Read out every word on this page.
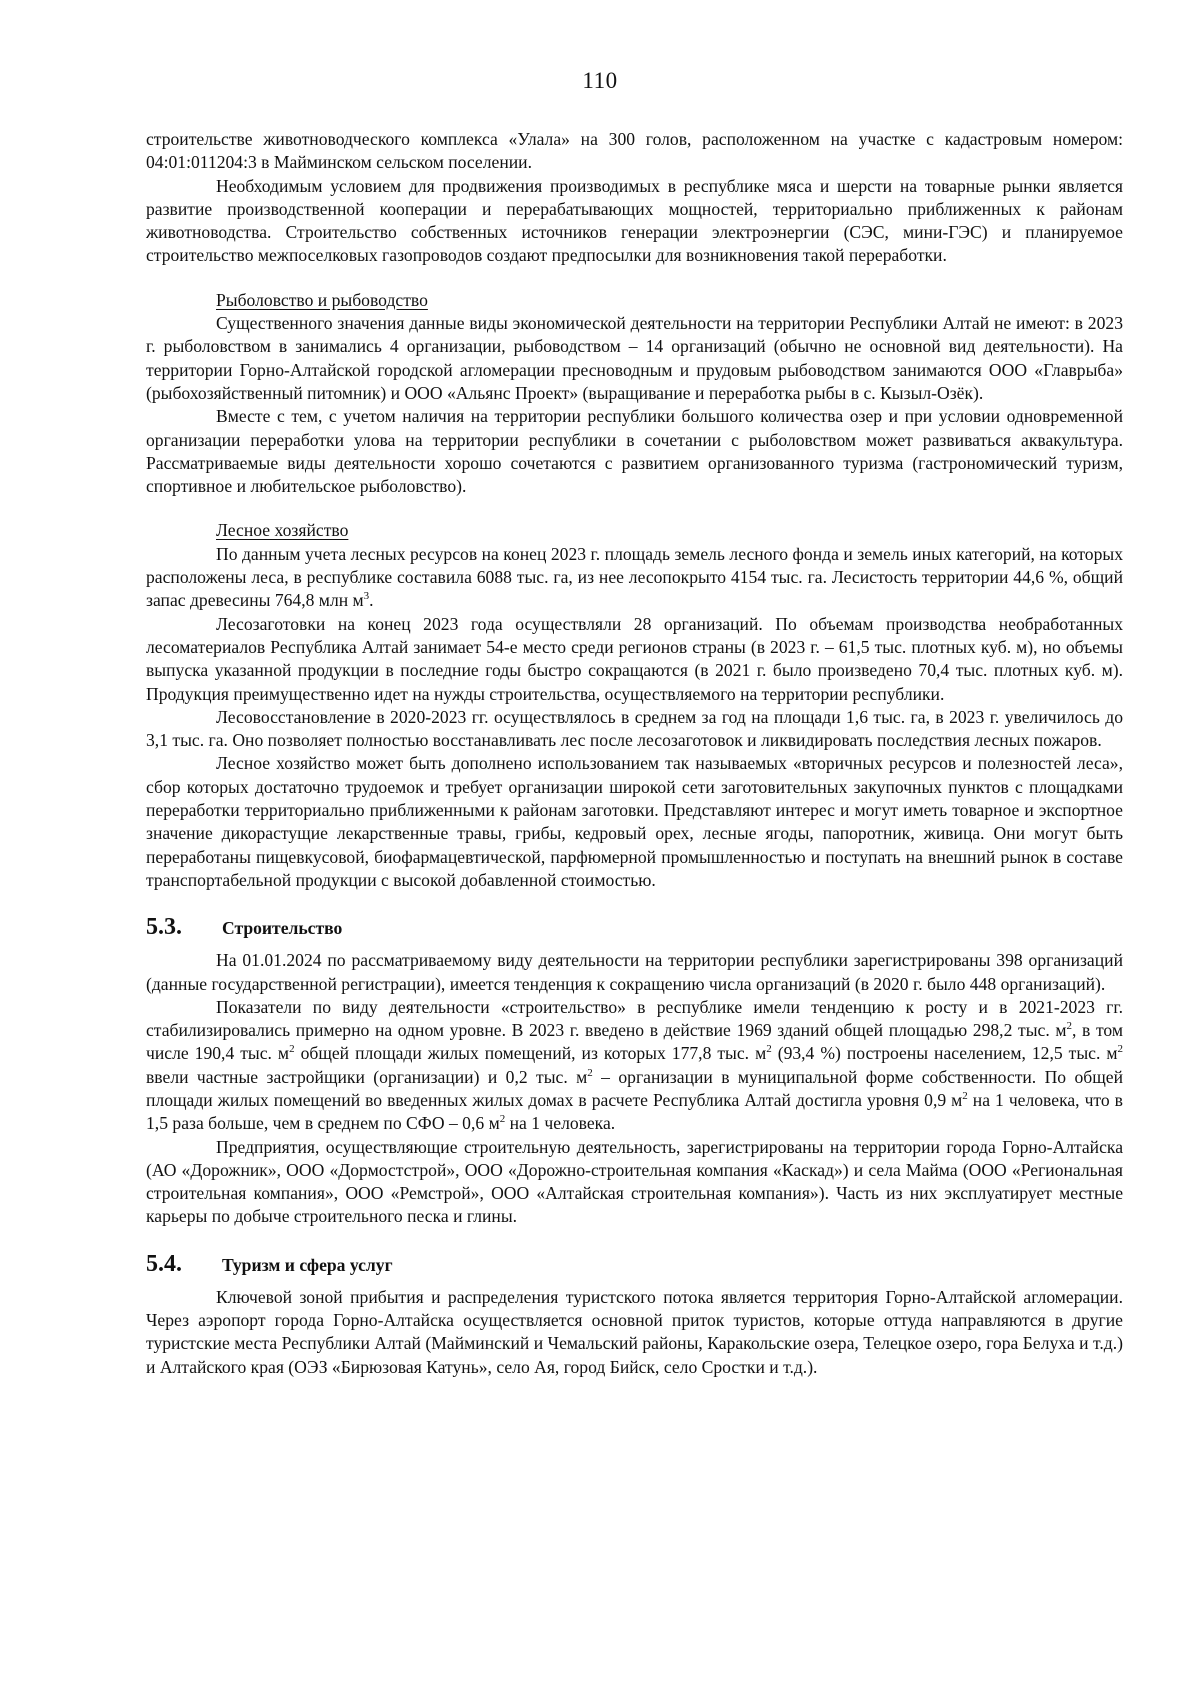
110

строительстве животноводческого комплекса «Улала» на 300 голов, расположенном на участке с кадастровым номером: 04:01:011204:3 в Майминском сельском поселении.

Необходимым условием для продвижения производимых в республике мяса и шерсти на товарные рынки является развитие производственной кооперации и перерабатывающих мощностей, территориально приближенных к районам животноводства. Строительство собственных источников генерации электроэнергии (СЭС, мини-ГЭС) и планируемое строительство межпоселковых газопроводов создают предпосылки для возникновения такой переработки.

Рыболовство и рыбоводство

Существенного значения данные виды экономической деятельности на территории Республики Алтай не имеют: в 2023 г. рыболовством в занимались 4 организации, рыбоводством – 14 организаций (обычно не основной вид деятельности). На территории Горно-Алтайской городской агломерации пресноводным и прудовым рыбоводством занимаются ООО «Главрыба» (рыбохозяйственный питомник) и ООО «Альянс Проект» (выращивание и переработка рыбы в с. Кызыл-Озёк).

Вместе с тем, с учетом наличия на территории республики большого количества озер и при условии одновременной организации переработки улова на территории республики в сочетании с рыболовством может развиваться аквакультура. Рассматриваемые виды деятельности хорошо сочетаются с развитием организованного туризма (гастрономический туризм, спортивное и любительское рыболовство).

Лесное хозяйство

По данным учета лесных ресурсов на конец 2023 г. площадь земель лесного фонда и земель иных категорий, на которых расположены леса, в республике составила 6088 тыс. га, из нее лесопокрыто 4154 тыс. га. Лесистость территории 44,6 %, общий запас древесины 764,8 млн $м^3$.

Лесозаготовки на конец 2023 года осуществляли 28 организаций. По объемам производства необработанных лесоматериалов Республика Алтай занимает 54-е место среди регионов страны (в 2023 г. – 61,5 тыс. плотных куб. м), но объемы выпуска указанной продукции в последние годы быстро сокращаются (в 2021 г. было произведено 70,4 тыс. плотных куб. м). Продукция преимущественно идет на нужды строительства, осуществляемого на территории республики.

Лесовосстановление в 2020-2023 гг. осуществлялось в среднем за год на площади 1,6 тыс. га, в 2023 г. увеличилось до 3,1 тыс. га. Оно позволяет полностью восстанавливать лес после лесозаготовок и ликвидировать последствия лесных пожаров.

Лесное хозяйство может быть дополнено использованием так называемых «вторичных ресурсов и полезностей леса», сбор которых достаточно трудоемок и требует организации широкой сети заготовительных закупочных пунктов с площадками переработки территориально приближенными к районам заготовки. Представляют интерес и могут иметь товарное и экспортное значение дикорастущие лекарственные травы, грибы, кедровый орех, лесные ягоды, папоротник, живица. Они могут быть переработаны пищевкусовой, биофармацевтической, парфюмерной промышленностью и поступать на внешний рынок в составе транспортабельной продукции с высокой добавленной стоимостью.

5.3.	Строительство

На 01.01.2024 по рассматриваемому виду деятельности на территории республики зарегистрированы 398 организаций (данные государственной регистрации), имеется тенденция к сокращению числа организаций (в 2020 г. было 448 организаций).

Показатели по виду деятельности «строительство» в республике имели тенденцию к росту и в 2021-2023 гг. стабилизировались примерно на одном уровне. В 2023 г. введено в действие 1969 зданий общей площадью 298,2 тыс. $м^2$, в том числе 190,4 тыс. $м^2$ общей площади жилых помещений, из которых 177,8 тыс. $м^2$ (93,4 %) построены населением, 12,5 тыс. $м^2$ ввели частные застройщики (организации) и 0,2 тыс. $м^2$ – организации в муниципальной форме собственности. По общей площади жилых помещений во введенных жилых домах в расчете Республика Алтай достигла уровня 0,9 $м^2$ на 1 человека, что в 1,5 раза больше, чем в среднем по СФО – 0,6 $м^2$ на 1 человека.

Предприятия, осуществляющие строительную деятельность, зарегистрированы на территории города Горно-Алтайска (АО «Дорожник», ООО «Дормостстрой», ООО «Дорожно-строительная компания «Каскад») и села Майма (ООО «Региональная строительная компания», ООО «Ремстрой», ООО «Алтайская строительная компания»). Часть из них эксплуатирует местные карьеры по добыче строительного песка и глины.

5.4.	Туризм и сфера услуг

Ключевой зоной прибытия и распределения туристского потока является территория Горно-Алтайской агломерации. Через аэропорт города Горно-Алтайска осуществляется основной приток туристов, которые оттуда направляются в другие туристские места Республики Алтай (Майминский и Чемальский районы, Каракольские озера, Телецкое озеро, гора Белуха и т.д.) и Алтайского края (ОЭЗ «Бирюзовая Катунь», село Ая, город Бийск, село Сростки и т.д.).
